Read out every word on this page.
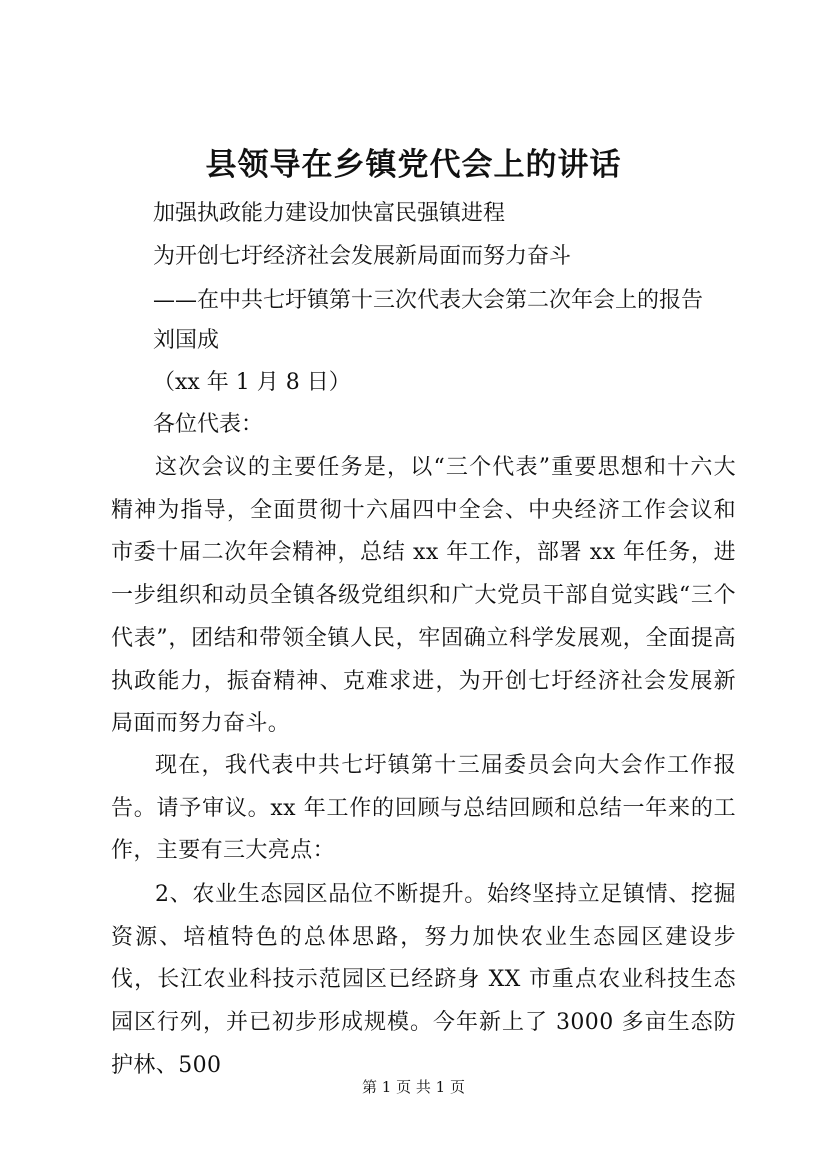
县领导在乡镇党代会上的讲话
加强执政能力建设加快富民强镇进程
为开创七圩经济社会发展新局面而努力奋斗
——在中共七圩镇第十三次代表大会第二次年会上的报告
刘国成
（xx 年 1 月 8 日）
各位代表：
这次会议的主要任务是，以“三个代表”重要思想和十六大精神为指导，全面贯彻十六届四中全会、中央经济工作会议和市委十届二次年会精神，总结 xx 年工作，部署 xx 年任务，进一步组织和动员全镇各级党组织和广大党员干部自觉实践“三个代表”，团结和带领全镇人民，牢固确立科学发展观，全面提高执政能力，振奋精神、克难求进，为开创七圩经济社会发展新局面而努力奋斗。
现在，我代表中共七圩镇第十三届委员会向大会作工作报告。请予审议。xx 年工作的回顾与总结回顾和总结一年来的工作，主要有三大亮点：
2、农业生态园区品位不断提升。始终坚持立足镇情、挖掘资源、培植特色的总体思路，努力加快农业生态园区建设步伐，长江农业科技示范园区已经跻身 XX 市重点农业科技生态园区行列，并已初步形成规模。今年新上了 3000 多亩生态防护林、500
第 1 页 共 1 页
